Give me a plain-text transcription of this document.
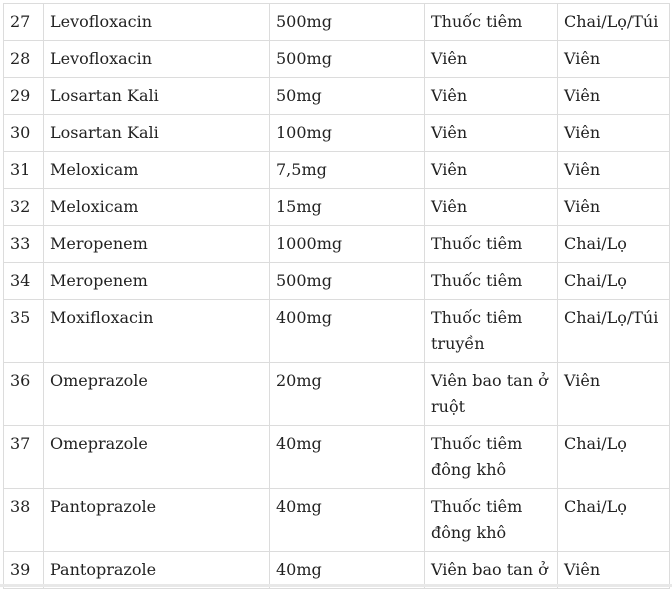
27	Levofloxacin	500mg	Thuốc tiêm	Chai/Lọ/Túi
28	Levofloxacin	500mg	Viên	Viên
29	Losartan Kali	50mg	Viên	Viên
30	Losartan Kali	100mg	Viên	Viên
31	Meloxicam	7,5mg	Viên	Viên
32	Meloxicam	15mg	Viên	Viên
33	Meropenem	1000mg	Thuốc tiêm	Chai/Lọ
34	Meropenem	500mg	Thuốc tiêm	Chai/Lọ
35	Moxifloxacin	400mg	Thuốc tiêm truyền	Chai/Lọ/Túi
36	Omeprazole	20mg	Viên bao tan ở ruột	Viên
37	Omeprazole	40mg	Thuốc tiêm đông khô	Chai/Lọ
38	Pantoprazole	40mg	Thuốc tiêm đông khô	Chai/Lọ
39	Pantoprazole	40mg	Viên bao tan ở	Viên
